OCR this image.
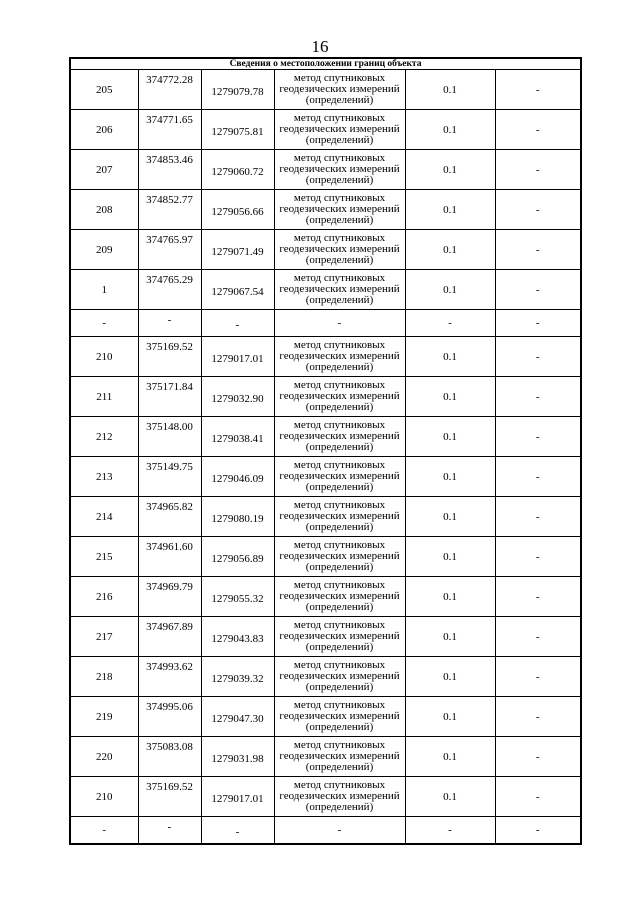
16
Сведения о местоположении границ объекта					
205	374772.28	1279079.78	метод спутниковых
геодезических измерений
(определений)	0.1	-
206	374771.65	1279075.81	метод спутниковых
геодезических измерений
(определений)	0.1	-
207	374853.46	1279060.72	метод спутниковых
геодезических измерений
(определений)	0.1	-
208	374852.77	1279056.66	метод спутниковых
геодезических измерений
(определений)	0.1	-
209	374765.97	1279071.49	метод спутниковых
геодезических измерений
(определений)	0.1	-
1	374765.29	1279067.54	метод спутниковых
геодезических измерений
(определений)	0.1	-
-	-	-	-	-	-
210	375169.52	1279017.01	метод спутниковых
геодезических измерений
(определений)	0.1	-
211	375171.84	1279032.90	метод спутниковых
геодезических измерений
(определений)	0.1	-
212	375148.00	1279038.41	метод спутниковых
геодезических измерений
(определений)	0.1	-
213	375149.75	1279046.09	метод спутниковых
геодезических измерений
(определений)	0.1	-
214	374965.82	1279080.19	метод спутниковых
геодезических измерений
(определений)	0.1	-
215	374961.60	1279056.89	метод спутниковых
геодезических измерений
(определений)	0.1	-
216	374969.79	1279055.32	метод спутниковых
геодезических измерений
(определений)	0.1	-
217	374967.89	1279043.83	метод спутниковых
геодезических измерений
(определений)	0.1	-
218	374993.62	1279039.32	метод спутниковых
геодезических измерений
(определений)	0.1	-
219	374995.06	1279047.30	метод спутниковых
геодезических измерений
(определений)	0.1	-
220	375083.08	1279031.98	метод спутниковых
геодезических измерений
(определений)	0.1	-
210	375169.52	1279017.01	метод спутниковых
геодезических измерений
(определений)	0.1	-
-	-	-	-	-	-
